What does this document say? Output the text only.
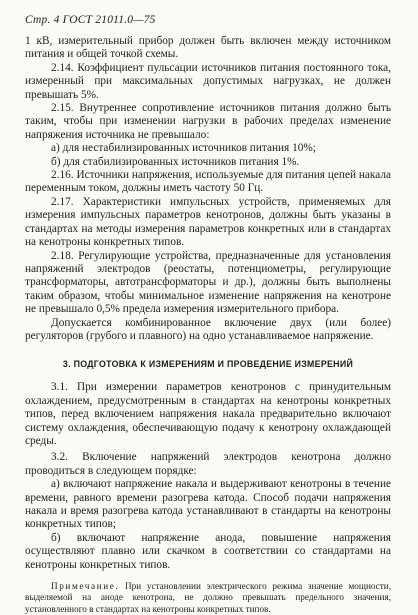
Стр. 4 ГОСТ 21011.0—75

1 кВ, измерительный прибор должен быть включен между источником питания и общей точкой схемы.

2.14. Коэффициент пульсации источников питания постоянного тока, измеренный при максимальных допустимых нагрузках, не должен превышать 5%.

2.15. Внутреннее сопротивление источников питания должно быть таким, чтобы при изменении нагрузки в рабочих пределах изменение напряжения источника не превышало:

а) для нестабилизированных источников питания 10%;

б) для стабилизированных источников питания 1%.

2.16. Источники напряжения, используемые для питания цепей накала переменным током, должны иметь частоту 50 Гц.

2.17. Характеристики импульсных устройств, применяемых для измерения импульсных параметров кенотронов, должны быть указаны в стандартах на методы измерения параметров конкретных или в стандартах на кенотроны конкретных типов.

2.18. Регулирующие устройства, предназначенные для установления напряжений электродов (реостаты, потенциометры, регулирующие трансформаторы, автотрансформаторы и др.), должны быть выполнены таким образом, чтобы минимальное изменение напряжения на кенотроне не превышало 0,5% предела измерения измерительного прибора.

Допускается комбинированное включение двух (или более) регуляторов (грубого и плавного) на одно устанавливаемое напряжение.

3. ПОДГОТОВКА К ИЗМЕРЕНИЯМ И ПРОВЕДЕНИЕ ИЗМЕРЕНИЙ

3.1. При измерении параметров кенотронов с принудительным охлаждением, предусмотренным в стандартах на кенотроны конкретных типов, перед включением напряжения накала предварительно включают систему охлаждения, обеспечивающую подачу к кенотрону охлаждающей среды.

3.2. Включение напряжений электродов кенотрона должно проводиться в следующем порядке:

а) включают напряжение накала и выдерживают кенотроны в течение времени, равного времени разогрева катода. Способ подачи напряжения накала и время разогрева катода устанавливают в стандарты на кенотроны конкретных типов;

б) включают напряжение анода, повышение напряжения осуществляют плавно или скачком в соответствии со стандартами на кенотроны конкретных типов.

Примечание. При установлении электрического режима значение мощности, выделяемой на аноде кенотрона, не должно превышать предельного значения, установленного в стандартах на кенотроны конкретных типов.
